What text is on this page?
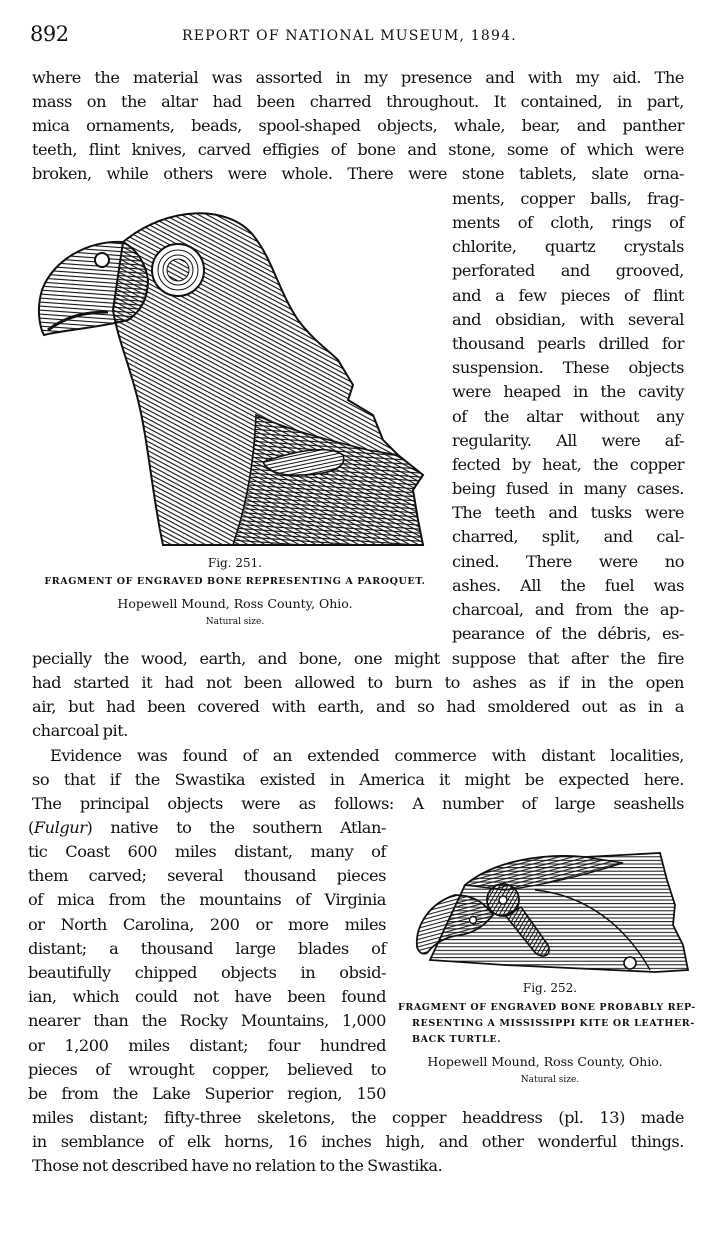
892	REPORT OF NATIONAL MUSEUM, 1894.
where the material was assorted in my presence and with my aid. The
mass on the altar had been charred throughout. It contained, in part,
mica ornaments, beads, spool-shaped objects, whale, bear, and panther
teeth, flint knives, carved effigies of bone and stone, some of which were
broken, while others were whole. There were stone tablets, slate orna-
ments, copper balls, frag-
ments of cloth, rings of
chlorite, quartz crystals
perforated and grooved,
and a few pieces of flint
and obsidian, with several
thousand pearls drilled for
suspension. These objects
were heaped in the cavity
of the altar without any
regularity. All were af-
fected by heat, the copper
being fused in many cases.
The teeth and tusks were
charred, split, and cal-
cined. There were no
ashes. All the fuel was
charcoal, and from the ap-
pearance of the débris, es-
Fig. 251.
FRAGMENT OF ENGRAVED BONE REPRESENTING A PAROQUET.
Hopewell Mound, Ross County, Ohio.
Natural size.
pecially the wood, earth, and bone, one might suppose that after the fire
had started it had not been allowed to burn to ashes as if in the open
air, but had been covered with earth, and so had smoldered out as in a
charcoal pit.
Evidence was found of an extended commerce with distant localities,
so that if the Swastika existed in America it might be expected here.
The principal objects were as follows: A number of large seashells
(Fulgur) native to the southern Atlan-
tic Coast 600 miles distant, many of
them carved; several thousand pieces
of mica from the mountains of Virginia
or North Carolina, 200 or more miles
distant; a thousand large blades of
beautifully chipped objects in obsid-
ian, which could not have been found
nearer than the Rocky Mountains, 1,000
or 1,200 miles distant; four hundred
pieces of wrought copper, believed to
be from the Lake Superior region, 150
Fig. 252.
FRAGMENT OF ENGRAVED BONE PROBABLY REP-
RESENTING A MISSISSIPPI KITE OR LEATHER-
BACK TURTLE.
Hopewell Mound, Ross County, Ohio.
Natural size.
miles distant; fifty-three skeletons, the copper headdress (pl. 13) made
in semblance of elk horns, 16 inches high, and other wonderful things.
Those not described have no relation to the Swastika.
